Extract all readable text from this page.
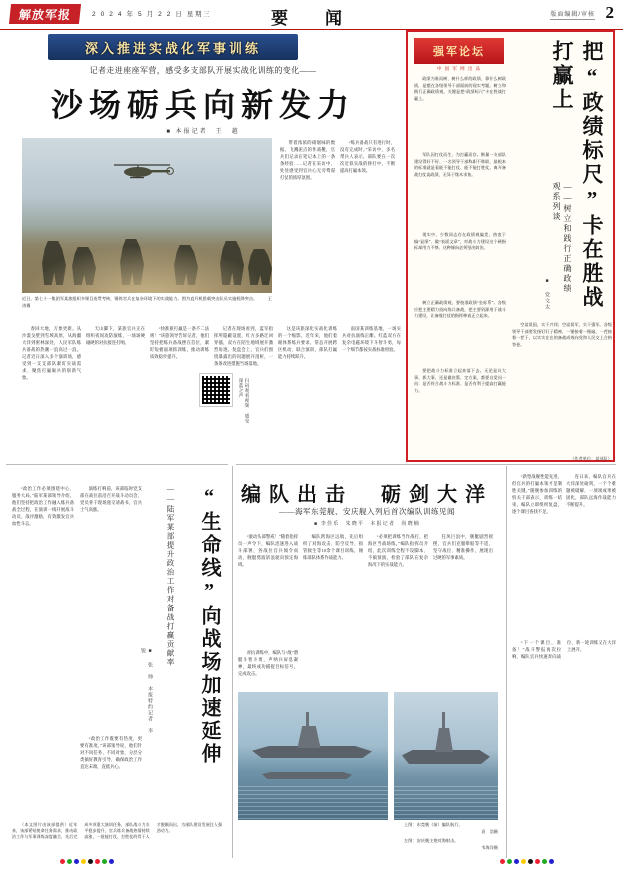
解放军报	2 0 2 4 年 5 月 2 2 日 星期三	要　闻	版面编辑/审核 2
深入推进实战化军事训练
记者走进座座军营，感受多支部队开展实战化训练的变化——
沙场砺兵向新发力
■ 本报记者　王　越
近日，第七十一集团军某旅组织多课目连贯考核，锤炼官兵在复杂环境下的实战能力。图为直升机搭载突击队员实施机降突击。　　　王　涛摄
春回大地，万象更新。从沙漠戈壁到雪域高原，从海疆大洋到密林深处，人民军队练兵备战的热潮一浪高过一浪。记者近日深入多个演训场，感受到一支支部队紧盯实战需求、聚焦打赢砺兵的崭新气象。
天山脚下，某旅官兵正在组织夜间攻防演练，一场场硬碰硬的对抗接连打响。
“快准狠打赢是一条不二法则！”该旅领导告诉记者，他们坚持把练兵备战摆在首位，紧盯短板弱项抓训练，推动训练质效稳步提升。
记者在现场看到，蓝军指挥所隐蔽设置，红方多路迂回穿插，双方在陌生地域展开激烈角逐。复盘会上，官兵们围绕暴露出的问题展开剖析，一条条改进措施当场落地。
这是该旅深化实战化训练的一个缩影。近年来，他们着眼体系练兵要求，常态开展跨区机动、联合演训，部队打赢能力持续跃升。
带着浓浓的硝烟味的数据，飞溅泥点的作战靴，官兵们记录在笔记本上的一条条经验……记者在采访中，处处感受到官兵心无旁骛谋打仗的浓厚氛围。
“练兵备战只有进行时，没有完成时。”采访中，多名带兵人表示，部队要在一次次近似实战的摔打中，不断提高打赢本领。
南国某训练基地，一场实兵对抗演练正酣。红蓝双方在复杂电磁环境下斗智斗勇，每一个细节都按实战标准检验。
强军论坛
中 国 军 网 出 品	把“政绩标尺”卡在胜战打赢上
——树立和践行正确政绩观系列谈
■ 党文太
政绩为谁而树、树什么样的政绩、靠什么树政绩，是摆在各级领导干部面前的现实考题。树立和践行正确政绩观，关键是把“政绩标尺”卡在胜战打赢上。
军队因打仗而生，为打赢而存。衡量一支部队建设得好不好、一名领导干部称职不称职，最根本的标准就是看能不能打仗、能不能打胜仗。离开备战打仗谈政绩，无异于缘木求鱼。
现实中，少数同志存在政绩观偏差，热衷于搞“显绩”、做“表面文章”，对战斗力建设这个硬指标却用力不够。这种倾向必须坚决纠治。
树立正确政绩观，要校准政绩“坐标系”。各级应把主要精力投向练兵备战，把主要资源用于战斗力建设，让备战打仗的指挥棒真正立起来。
要把战斗力标准立起来落下去。无论是议大事、抓大事，还是做决策、定方案，都要自觉问一问：是否符合战斗力标准、是否有利于提高打赢能力。
空谈误国，实干兴邦；空谈误军，实干强军。各级领导干部要发扬钉钉子精神，一锤接着一锤敲，一茬接着一茬干，以实实在在的备战成效向党和人民交上合格答卷。
（作者单位：某部队）
“生命线”向战场加速延伸
——陆军某部提升政治工作对备战打赢贡献率
■ 张　帅　本报特约记者　李　锐
“政治工作必须围绕中心、服务大局。”陆军某部领导介绍，他们坚持把政治工作融入练兵备战全过程，在演训一线开展战斗动员、战评激励，有效激发官兵血性斗志。
演练打响前，该部临时党支部在战位前沿召开战斗动员会，党员骨干现场递交请战书，官兵士气高涨。
“政治工作既要有热度，更要有准度。”该部领导说，他们针对不同任务、不同对象，分层分类搞好教育引导，确保政治工作直达末端、直抵兵心。
（本文图片由该部提供）近年来，该部紧贴使命任务需求，推动政治工作与军事训练深度融合，先后完成多项重大演训任务，部队战斗力水平稳步提升，官兵练兵备战热情持续高涨，一批能打仗、打胜仗的骨干人才脱颖而出，为部队建设发展注入强劲动力。
编队出击　砺剑大洋
——海军东莞舰、安庆舰入列后首次编队训练见闻
■ 李佳乐　朱晓平　本报记者　尚晓楠
“滚动头部警戒！”随着指挥员一声令下，编队迅速进入战斗部署，各战位官兵闻令而动，舰艇劈波斩浪驶向预定海域。
编队跨海区远航，先后组织了对海攻击、防空反导、损管救生等10余个课目训练，锤炼部队体系作战能力。
“必须把训练当作战打，把海区当战场练。”编队指挥员介绍，此次训练全程不设脚本、不搞预演，检验了部队在复杂海况下的实战能力。
狂风巨浪中，舰艇剧烈摇摆，官兵们克服晕船等不适，坚守战位、精准操作，展现出过硬的军事素质。
对抗训练中，编队与“敌”潜艇斗智斗勇，声呐兵屏息凝神，最终成功捕捉目标信号，完成攻击。
上图：东莞舰（前）编队航行。
袁　浩摄
左图：安庆舰主炮对海射击。
韦海洋摄
“新型战舰性能先进，但官兵的打赢本领才是制胜关键。”随舰参加训练的机关干部表示，训练一结束，编队立即组织复盘，逐个课目查找不足。
连日来，编队官兵在大洋深处砺剑，一个个难题被破解，一项项成果被固化，部队远海作战能力不断提升。
“下一个课目，准备！”战斗警报再次拉响，编队官兵快速奔向战位，新一轮训练又在大洋上展开。
扫码观看视频 感受深蓝之声
